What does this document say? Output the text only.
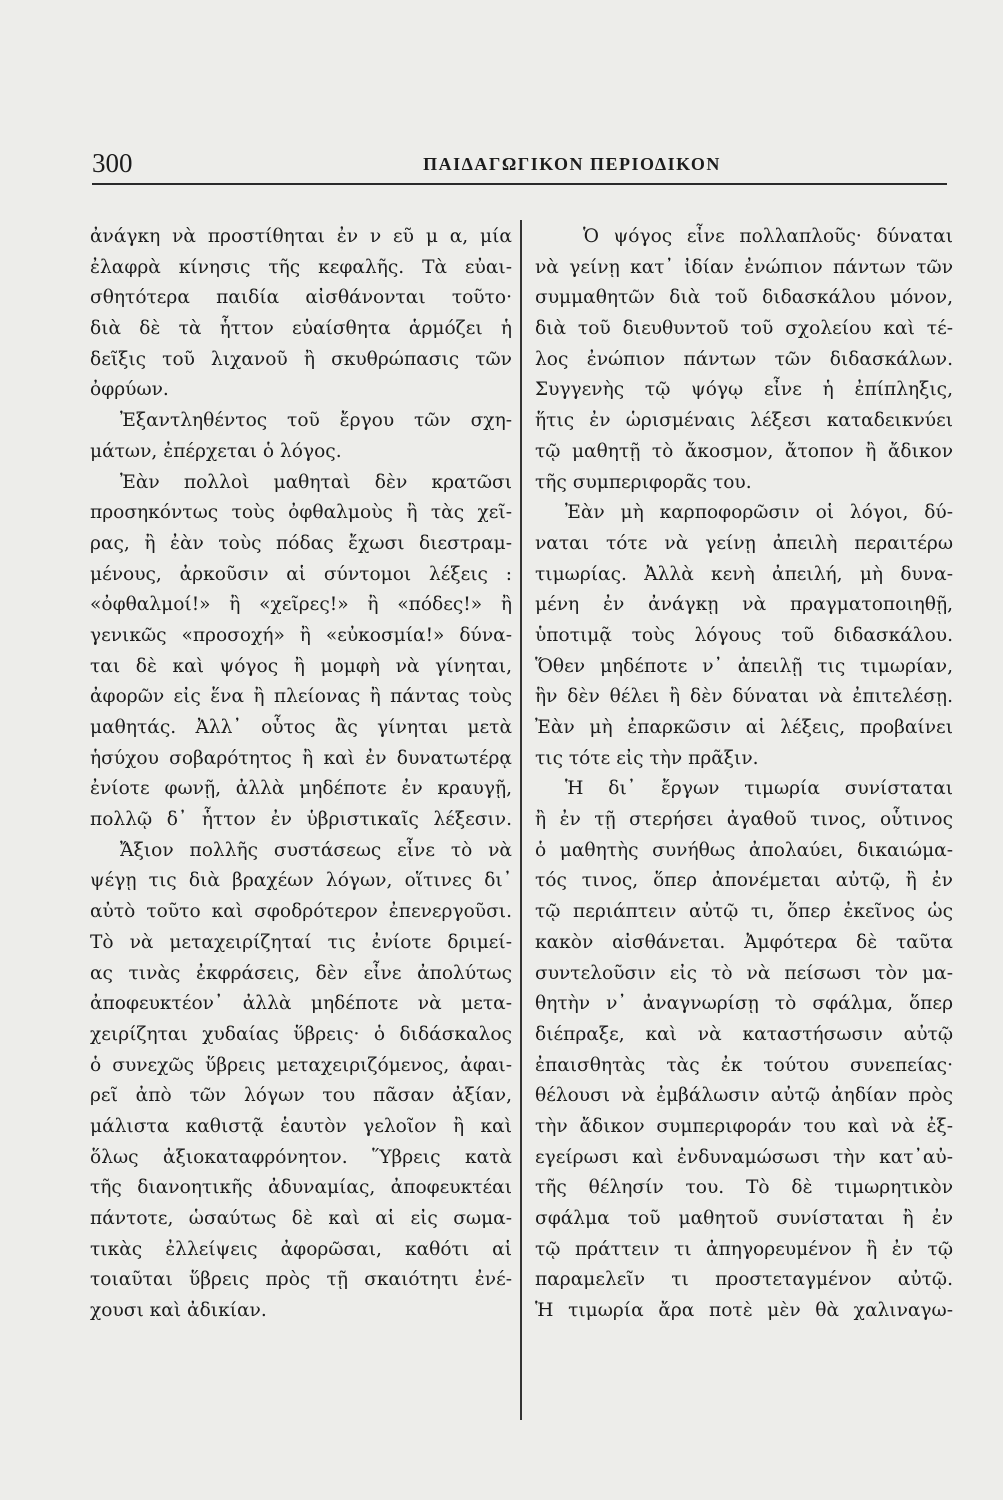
300	ΠΑΙΔΑΓΩΓΙΚΟΝ ΠΕΡΙΟΔΙΚΟΝ
ἀνάγκη νὰ προστίθηται ἐν ν εῦ μ α, μία
ἐλαφρὰ κίνησις τῆς κεφαλῆς. Τὰ εὐαι-
σθητότερα παιδία αἰσθάνονται τοῦτο·
διὰ δὲ τὰ ἧττον εὐαίσθητα ἁρμόζει ἡ
δεῖξις τοῦ λιχανοῦ ἢ σκυθρώπασις τῶν
ὀφρύων.
Ἐξαντληθέντος τοῦ ἔργου τῶν σχη-
μάτων, ἐπέρχεται ὁ λόγος.
Ἐὰν πολλοὶ μαθηταὶ δὲν κρατῶσι
προσηκόντως τοὺς ὀφθαλμοὺς ἢ τὰς χεῖ-
ρας, ἢ ἐὰν τοὺς πόδας ἔχωσι διεστραμ-
μένους, ἀρκοῦσιν αἱ σύντομοι λέξεις :
«ὀφθαλμοί!» ἢ «χεῖρες!» ἢ «πόδες!» ἢ
γενικῶς «προσοχή» ἢ «εὐκοσμία!» δύνα-
ται δὲ καὶ ψόγος ἢ μομφὴ νὰ γίνηται,
ἀφορῶν εἰς ἕνα ἢ πλείονας ἢ πάντας τοὺς
μαθητάς. Ἀλλ᾽ οὗτος ἂς γίνηται μετὰ
ἡσύχου σοβαρότητος ἢ καὶ ἐν δυνατωτέρᾳ
ἐνίοτε φωνῇ, ἀλλὰ μηδέποτε ἐν κραυγῇ,
πολλῷ δ᾽ ἧττον ἐν ὑβριστικαῖς λέξεσιν.
Ἄξιον πολλῆς συστάσεως εἶνε τὸ νὰ
ψέγῃ τις διὰ βραχέων λόγων, οἵτινες δι᾽
αὐτὸ τοῦτο καὶ σφοδρότερον ἐπενεργοῦσι.
Τὸ νὰ μεταχειρίζηταί τις ἐνίοτε δριμεί-
ας τινὰς ἐκφράσεις, δὲν εἶνε ἀπολύτως
ἀποφευκτέον᾽ ἀλλὰ μηδέποτε νὰ μετα-
χειρίζηται χυδαίας ὕβρεις· ὁ διδάσκαλος
ὁ συνεχῶς ὕβρεις μεταχειριζόμενος, ἀφαι-
ρεῖ ἀπὸ τῶν λόγων του πᾶσαν ἀξίαν,
μάλιστα καθιστᾷ ἑαυτὸν γελοῖον ἢ καὶ
ὅλως ἀξιοκαταφρόνητον. Ὕβρεις κατὰ
τῆς διανοητικῆς ἀδυναμίας, ἀποφευκτέαι
πάντοτε, ὡσαύτως δὲ καὶ αἱ εἰς σωμα-
τικὰς ἐλλείψεις ἀφορῶσαι, καθότι αἱ
τοιαῦται ὕβρεις πρὸς τῇ σκαιότητι ἐνέ-
χουσι καὶ ἀδικίαν.
Ὁ ψόγος εἶνε πολλαπλοῦς· δύναται
νὰ γείνῃ κατ᾽ ἰδίαν ἐνώπιον πάντων τῶν
συμμαθητῶν διὰ τοῦ διδασκάλου μόνον,
διὰ τοῦ διευθυντοῦ τοῦ σχολείου καὶ τέ-
λος ἐνώπιον πάντων τῶν διδασκάλων.
Συγγενὴς τῷ ψόγῳ εἶνε ἡ ἐπίπληξις,
ἥτις ἐν ὡρισμέναις λέξεσι καταδεικνύει
τῷ μαθητῇ τὸ ἄκοσμον, ἄτοπον ἢ ἄδικον
τῆς συμπεριφορᾶς του.
Ἐὰν μὴ καρποφορῶσιν οἱ λόγοι, δύ-
ναται τότε νὰ γείνῃ ἀπειλὴ περαιτέρω
τιμωρίας. Ἀλλὰ κενὴ ἀπειλή, μὴ δυνα-
μένη ἐν ἀνάγκῃ νὰ πραγματοποιηθῇ,
ὑποτιμᾷ τοὺς λόγους τοῦ διδασκάλου.
Ὅθεν μηδέποτε ν᾽ ἀπειλῇ τις τιμωρίαν,
ἣν δὲν θέλει ἢ δὲν δύναται νὰ ἐπιτελέσῃ.
Ἐὰν μὴ ἐπαρκῶσιν αἱ λέξεις, προβαίνει
τις τότε εἰς τὴν πρᾶξιν.
Ἡ δι᾽ ἔργων τιμωρία συνίσταται
ἢ ἐν τῇ στερήσει ἀγαθοῦ τινος, οὗτινος
ὁ μαθητὴς συνήθως ἀπολαύει, δικαιώμα-
τός τινος, ὅπερ ἀπονέμεται αὐτῷ, ἢ ἐν
τῷ περιάπτειν αὐτῷ τι, ὅπερ ἐκεῖνος ὡς
κακὸν αἰσθάνεται. Ἀμφότερα δὲ ταῦτα
συντελοῦσιν εἰς τὸ νὰ πείσωσι τὸν μα-
θητὴν ν᾽ ἀναγνωρίσῃ τὸ σφάλμα, ὅπερ
διέπραξε, καὶ νὰ καταστήσωσιν αὐτῷ
ἐπαισθητὰς τὰς ἐκ τούτου συνεπείας·
θέλουσι νὰ ἐμβάλωσιν αὐτῷ ἀηδίαν πρὸς
τὴν ἄδικον συμπεριφοράν του καὶ νὰ ἐξ-
εγείρωσι καὶ ἐνδυναμώσωσι τὴν κατ᾽αὐ-
τῆς θέλησίν του. Τὸ δὲ τιμωρητικὸν
σφάλμα τοῦ μαθητοῦ συνίσταται ἢ ἐν
τῷ πράττειν τι ἀπηγορευμένον ἢ ἐν τῷ
παραμελεῖν τι προστεταγμένον αὐτῷ.
Ἡ τιμωρία ἄρα ποτὲ μὲν θὰ χαλιναγω-
